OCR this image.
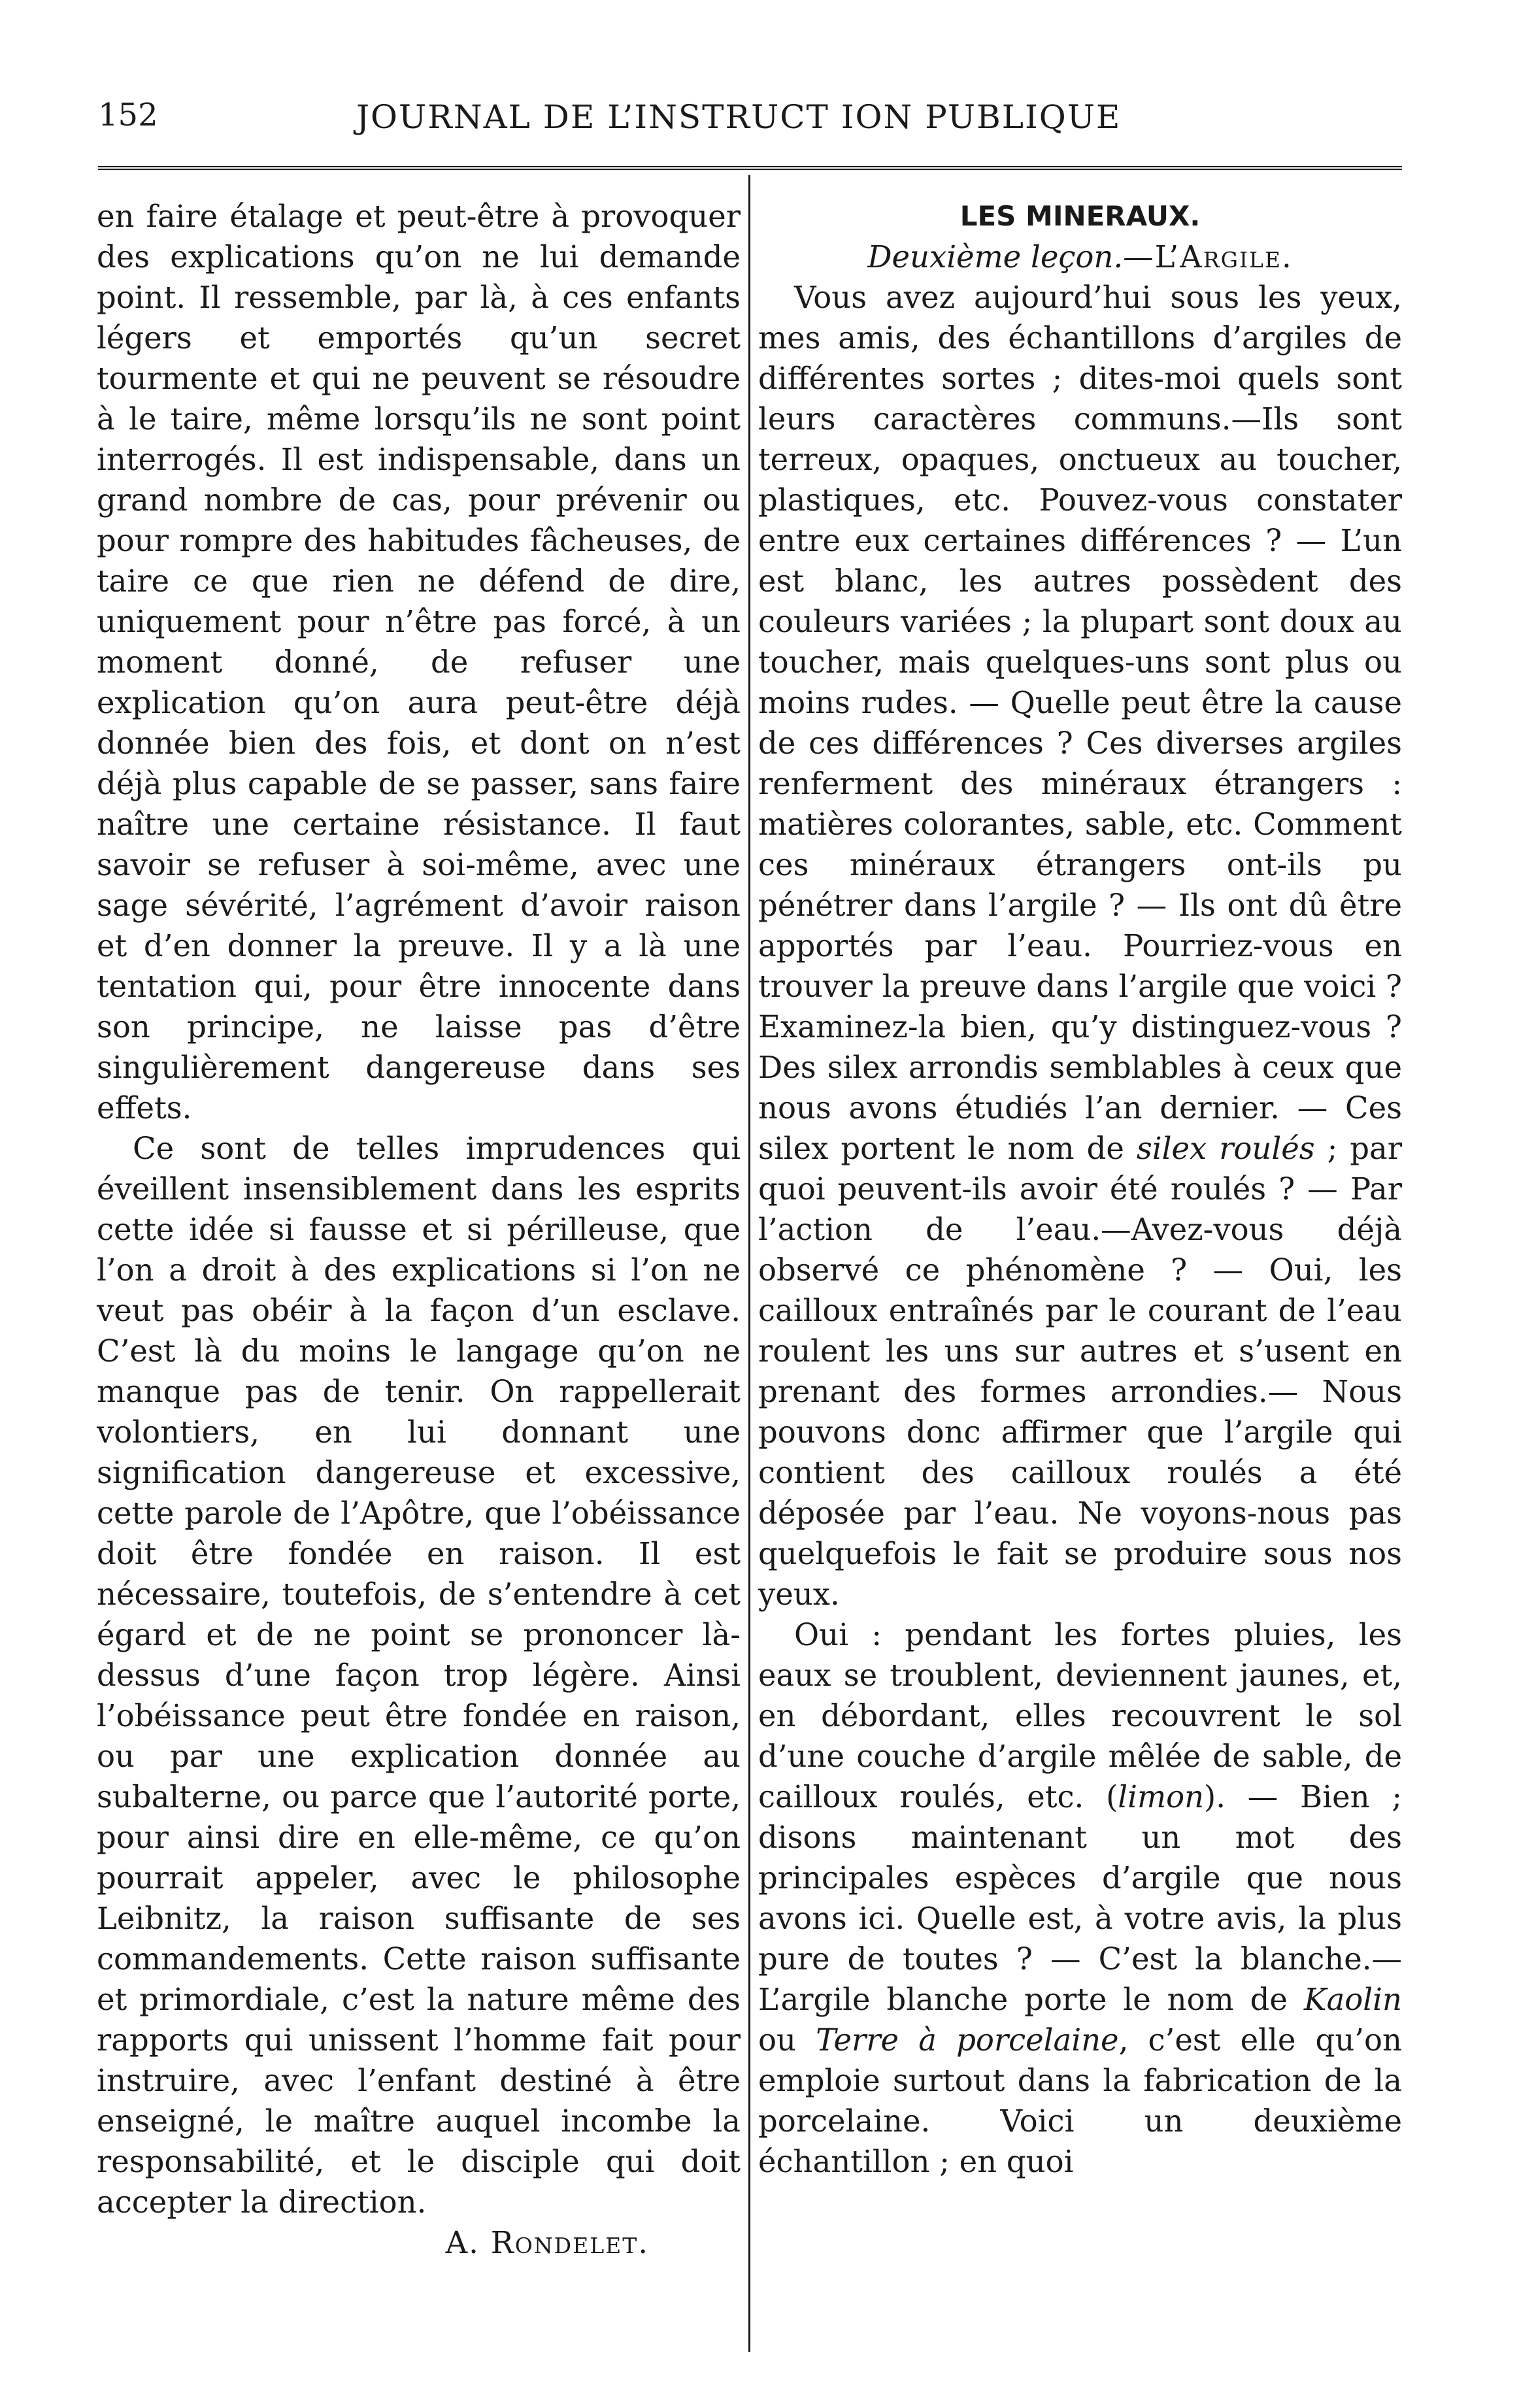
152	JOURNAL DE L’INSTRUCT ION PUBLIQUE

en faire étalage et peut-être à provoquer des explications qu’on ne lui demande point. Il ressemble, par là, à ces enfants légers et emportés qu’un secret tourmente et qui ne peuvent se résoudre à le taire, même lorsqu’ils ne sont point interrogés. Il est indispensable, dans un grand nombre de cas, pour prévenir ou pour rompre des habitudes fâcheuses, de taire ce que rien ne défend de dire, uniquement pour n’être pas forcé, à un moment donné, de refuser une explication qu’on aura peut-être déjà donnée bien des fois, et dont on n’est déjà plus capable de se passer, sans faire naître une certaine résistance. Il faut savoir se refuser à soi-même, avec une sage sévérité, l’agrément d’avoir raison et d’en donner la preuve. Il y a là une tentation qui, pour être innocente dans son principe, ne laisse pas d’être singulièrement dangereuse dans ses effets.

Ce sont de telles imprudences qui éveillent insensiblement dans les esprits cette idée si fausse et si périlleuse, que l’on a droit à des explications si l’on ne veut pas obéir à la façon d’un esclave. C’est là du moins le langage qu’on ne manque pas de tenir. On rappellerait volontiers, en lui donnant une signification dangereuse et excessive, cette parole de l’Apôtre, que l’obéissance doit être fondée en raison. Il est nécessaire, toutefois, de s’entendre à cet égard et de ne point se prononcer là-dessus d’une façon trop légère. Ainsi l’obéissance peut être fondée en raison, ou par une explication donnée au subalterne, ou parce que l’autorité porte, pour ainsi dire en elle-même, ce qu’on pourrait appeler, avec le philosophe Leibnitz, la raison suffisante de ses commandements. Cette raison suffisante et primordiale, c’est la nature même des rapports qui unissent l’homme fait pour instruire, avec l’enfant destiné à être enseigné, le maître auquel incombe la responsabilité, et le disciple qui doit accepter la direction.

A. Rondelet.

LES MINERAUX.

Deuxième leçon.—L’Argile.

Vous avez aujourd’hui sous les yeux, mes amis, des échantillons d’argiles de différentes sortes ; dites-moi quels sont leurs caractères communs.—Ils sont terreux, opaques, onctueux au toucher, plastiques, etc. Pouvez-vous constater entre eux certaines différences ? — L’un est blanc, les autres possèdent des couleurs variées ; la plupart sont doux au toucher, mais quelques-uns sont plus ou moins rudes. — Quelle peut être la cause de ces différences ? Ces diverses argiles renferment des minéraux étrangers : matières colorantes, sable, etc. Comment ces minéraux étrangers ont-ils pu pénétrer dans l’argile ? — Ils ont dû être apportés par l’eau. Pourriez-vous en trouver la preuve dans l’argile que voici ? Examinez-la bien, qu’y distinguez-vous ? Des silex arrondis semblables à ceux que nous avons étudiés l’an dernier. — Ces silex portent le nom de silex roulés ; par quoi peuvent-ils avoir été roulés ? — Par l’action de l’eau.—Avez-vous déjà observé ce phénomène ? — Oui, les cailloux entraînés par le courant de l’eau roulent les uns sur autres et s’usent en prenant des formes arrondies.— Nous pouvons donc affirmer que l’argile qui contient des cailloux roulés a été déposée par l’eau. Ne voyons-nous pas quelquefois le fait se produire sous nos yeux.

Oui : pendant les fortes pluies, les eaux se troublent, deviennent jaunes, et, en débordant, elles recouvrent le sol d’une couche d’argile mêlée de sable, de cailloux roulés, etc. (limon). — Bien ; disons maintenant un mot des principales espèces d’argile que nous avons ici. Quelle est, à votre avis, la plus pure de toutes ? — C’est la blanche.— L’argile blanche porte le nom de Kaolin ou Terre à porcelaine, c’est elle qu’on emploie surtout dans la fabrication de la porcelaine. Voici un deuxième échantillon ; en quoi
